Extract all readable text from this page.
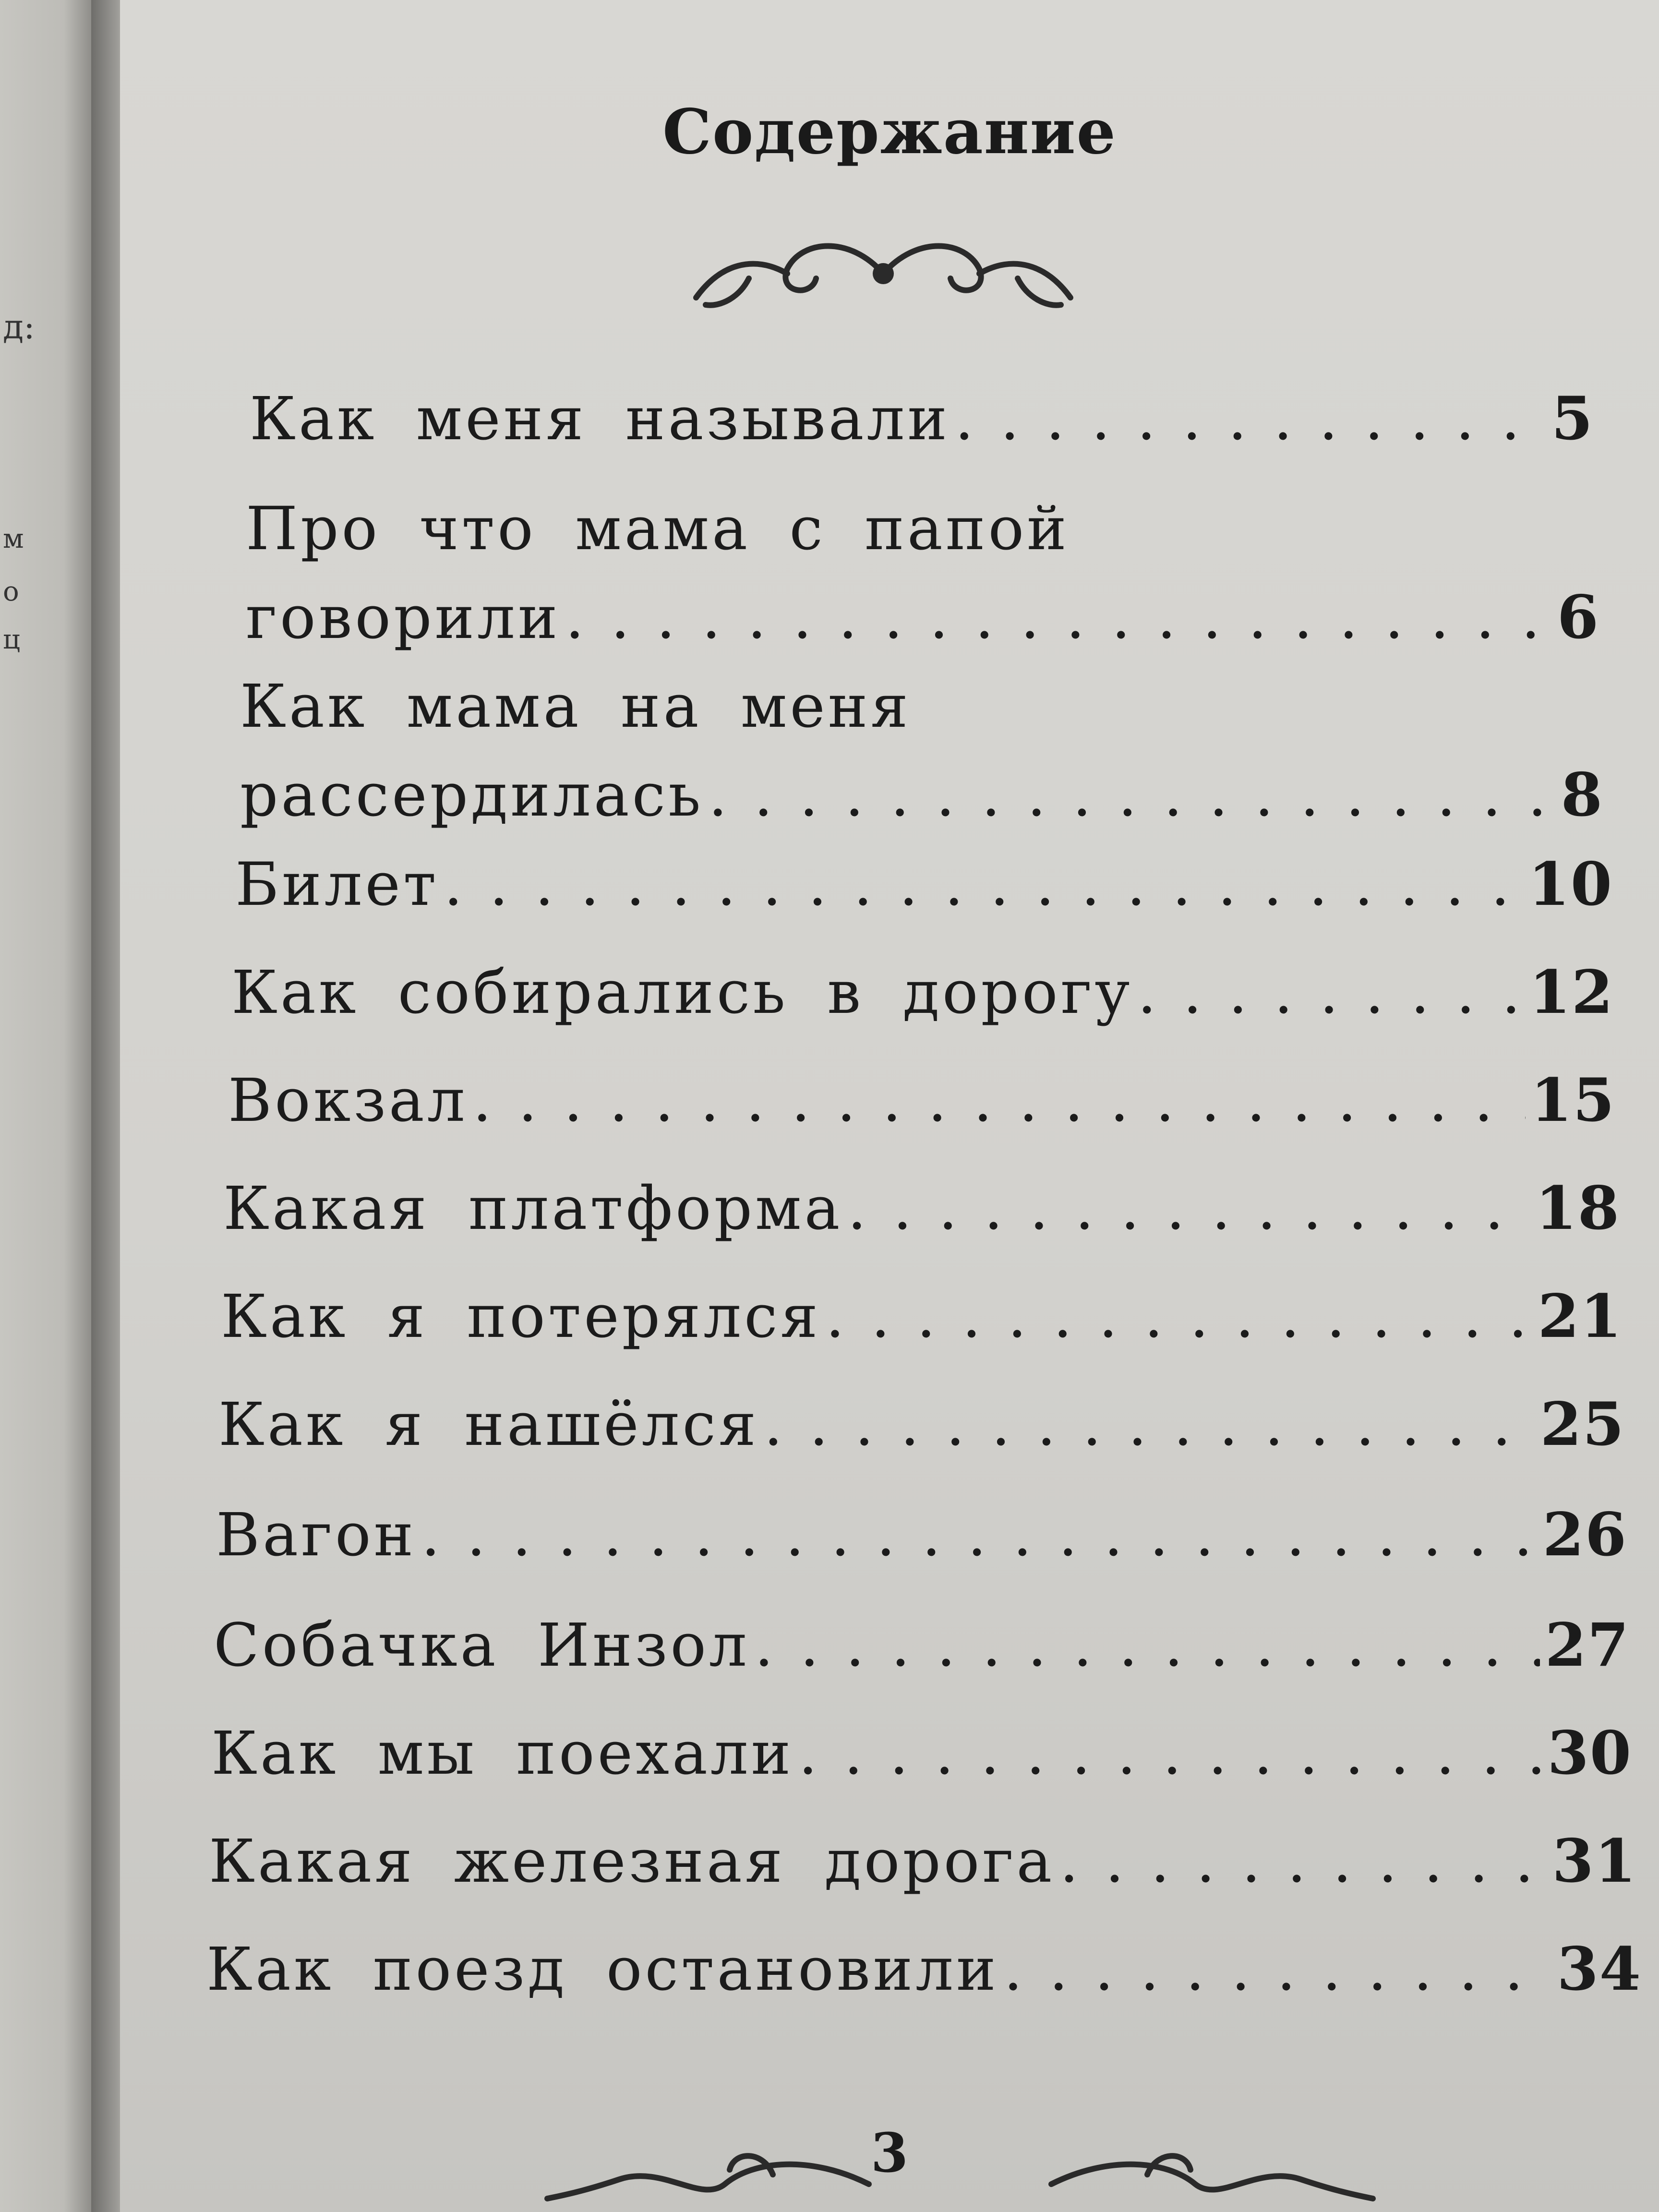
д:
м
о
ц
Содержание
Как меня называли . . .	5
Про что мама с папой
говорили . . .	6
Как мама на меня
рассердилась . . .	8
Билет . . .	10
Как собирались в дорогу . . .	12
Вокзал . . .	15
Какая платформа . . .	18
Как я потерялся . . .	21
Как я нашёлся . . .	25
Вагон . . .	26
Собачка Инзол . . .	27
Как мы поехали . . .	30
Какая железная дорога . . .	31
Как поезд остановили . . .	34
3
